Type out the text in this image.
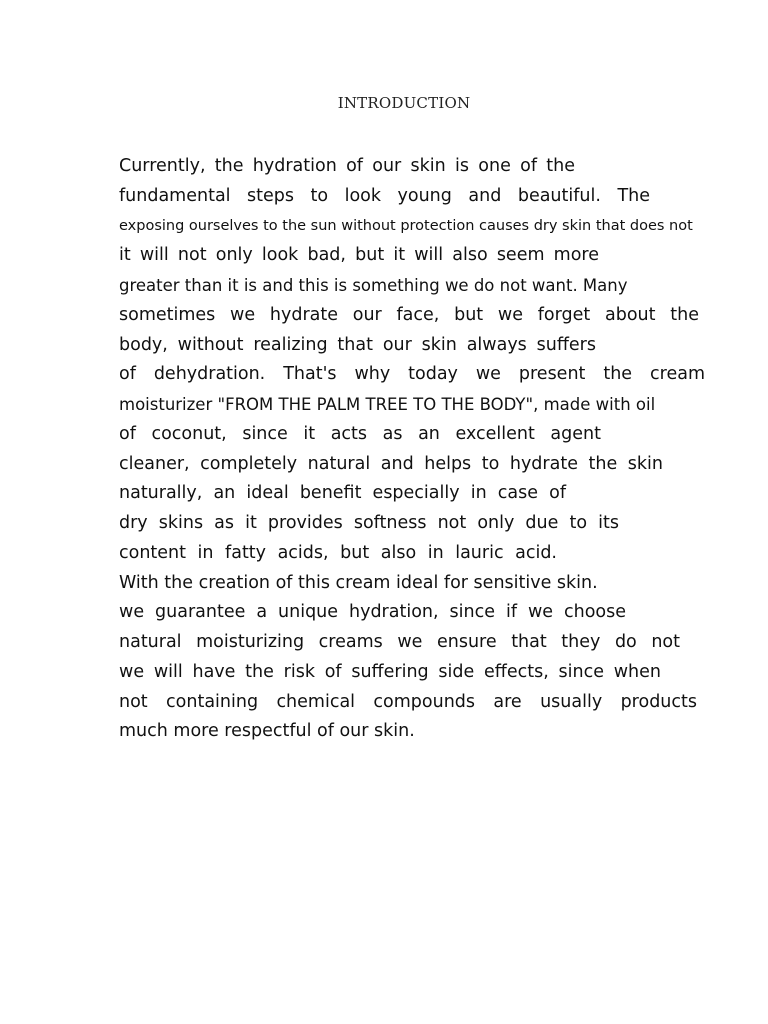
INTRODUCTION
Currently, the hydration of our skin is one of the
fundamental steps to look young and beautiful. The
exposing ourselves to the sun without protection causes dry skin that does not
it will not only look bad, but it will also seem more
greater than it is and this is something we do not want. Many
sometimes we hydrate our face, but we forget about the
body, without realizing that our skin always suffers
of dehydration. That's why today we present the cream
moisturizer "FROM THE PALM TREE TO THE BODY", made with oil
of coconut, since it acts as an excellent agent
cleaner, completely natural and helps to hydrate the skin
naturally, an ideal benefit especially in case of
dry skins as it provides softness not only due to its
content in fatty acids, but also in lauric acid.
With the creation of this cream ideal for sensitive skin.
we guarantee a unique hydration, since if we choose
natural moisturizing creams we ensure that they do not
we will have the risk of suffering side effects, since when
not containing chemical compounds are usually products
much more respectful of our skin.
